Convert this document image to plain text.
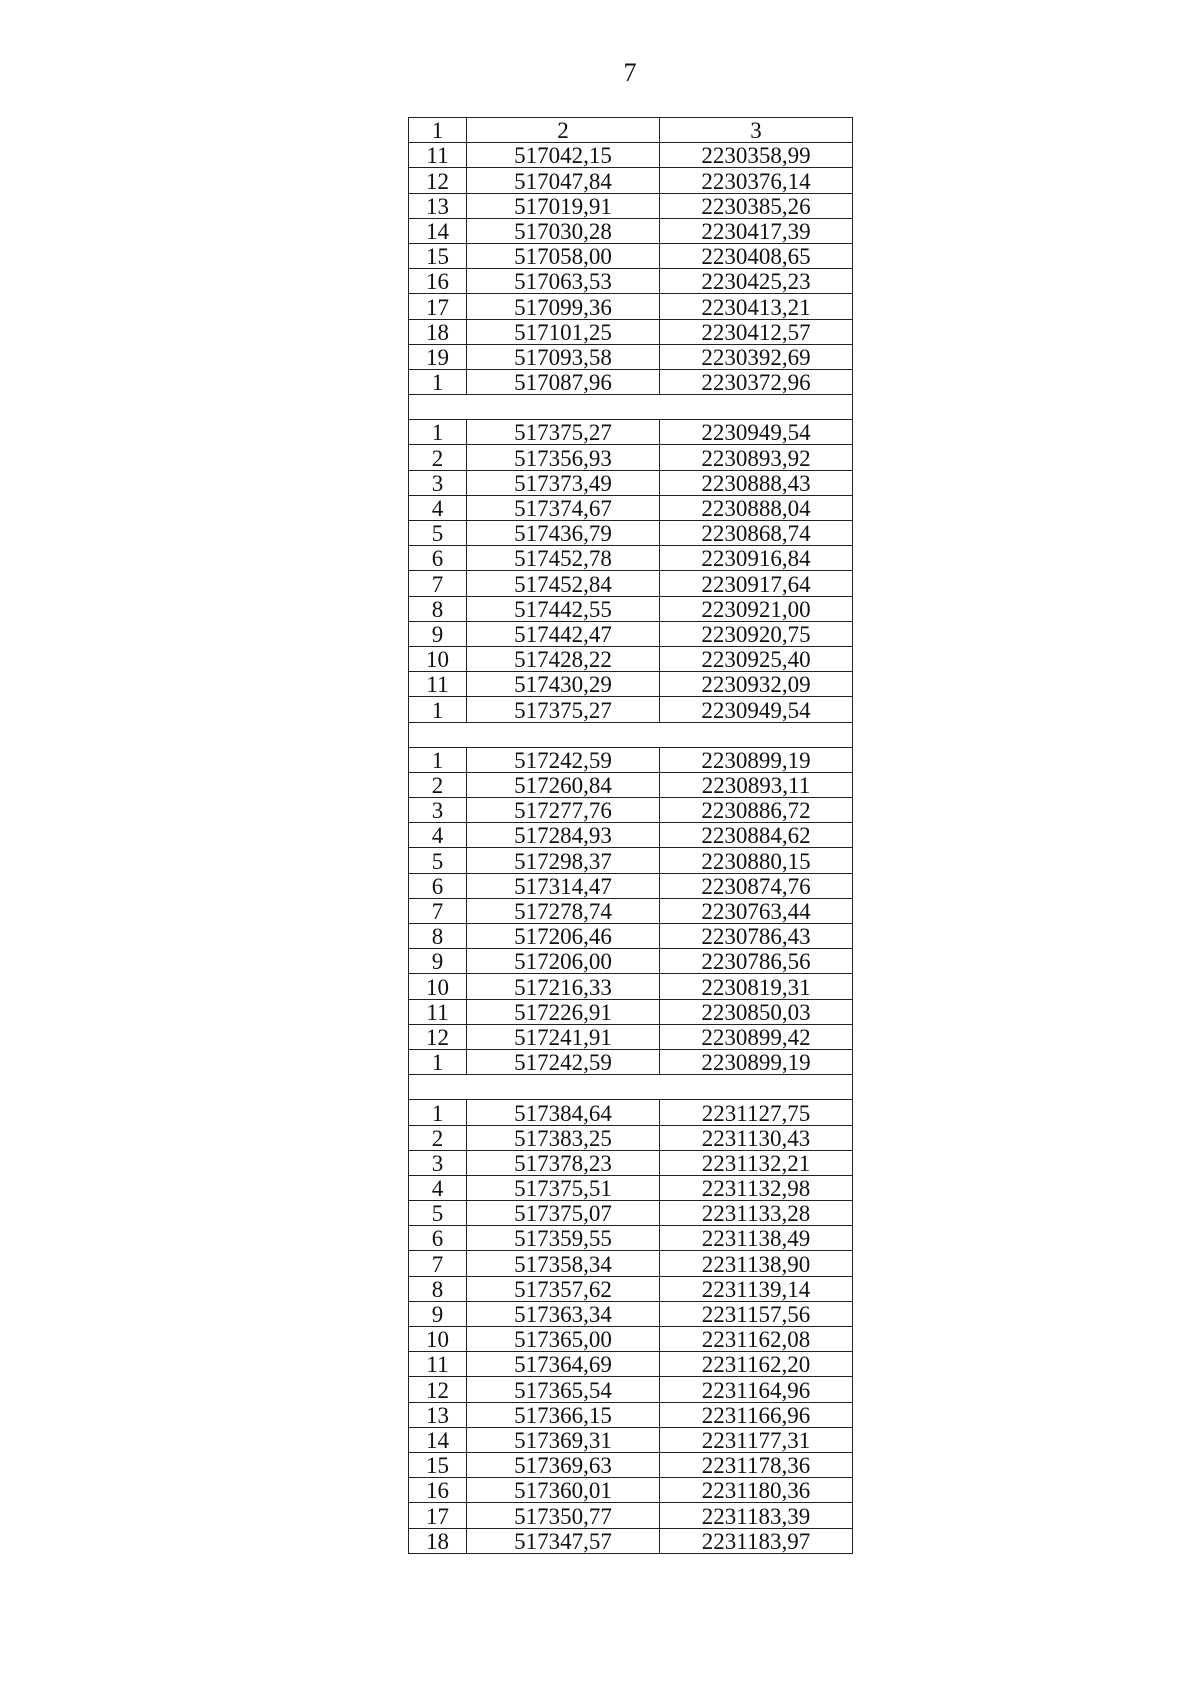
7
1	2	3
11	517042,15	2230358,99
12	517047,84	2230376,14
13	517019,91	2230385,26
14	517030,28	2230417,39
15	517058,00	2230408,65
16	517063,53	2230425,23
17	517099,36	2230413,21
18	517101,25	2230412,57
19	517093,58	2230392,69
1	517087,96	2230372,96

1	517375,27	2230949,54
2	517356,93	2230893,92
3	517373,49	2230888,43
4	517374,67	2230888,04
5	517436,79	2230868,74
6	517452,78	2230916,84
7	517452,84	2230917,64
8	517442,55	2230921,00
9	517442,47	2230920,75
10	517428,22	2230925,40
11	517430,29	2230932,09
1	517375,27	2230949,54

1	517242,59	2230899,19
2	517260,84	2230893,11
3	517277,76	2230886,72
4	517284,93	2230884,62
5	517298,37	2230880,15
6	517314,47	2230874,76
7	517278,74	2230763,44
8	517206,46	2230786,43
9	517206,00	2230786,56
10	517216,33	2230819,31
11	517226,91	2230850,03
12	517241,91	2230899,42
1	517242,59	2230899,19

1	517384,64	2231127,75
2	517383,25	2231130,43
3	517378,23	2231132,21
4	517375,51	2231132,98
5	517375,07	2231133,28
6	517359,55	2231138,49
7	517358,34	2231138,90
8	517357,62	2231139,14
9	517363,34	2231157,56
10	517365,00	2231162,08
11	517364,69	2231162,20
12	517365,54	2231164,96
13	517366,15	2231166,96
14	517369,31	2231177,31
15	517369,63	2231178,36
16	517360,01	2231180,36
17	517350,77	2231183,39
18	517347,57	2231183,97
